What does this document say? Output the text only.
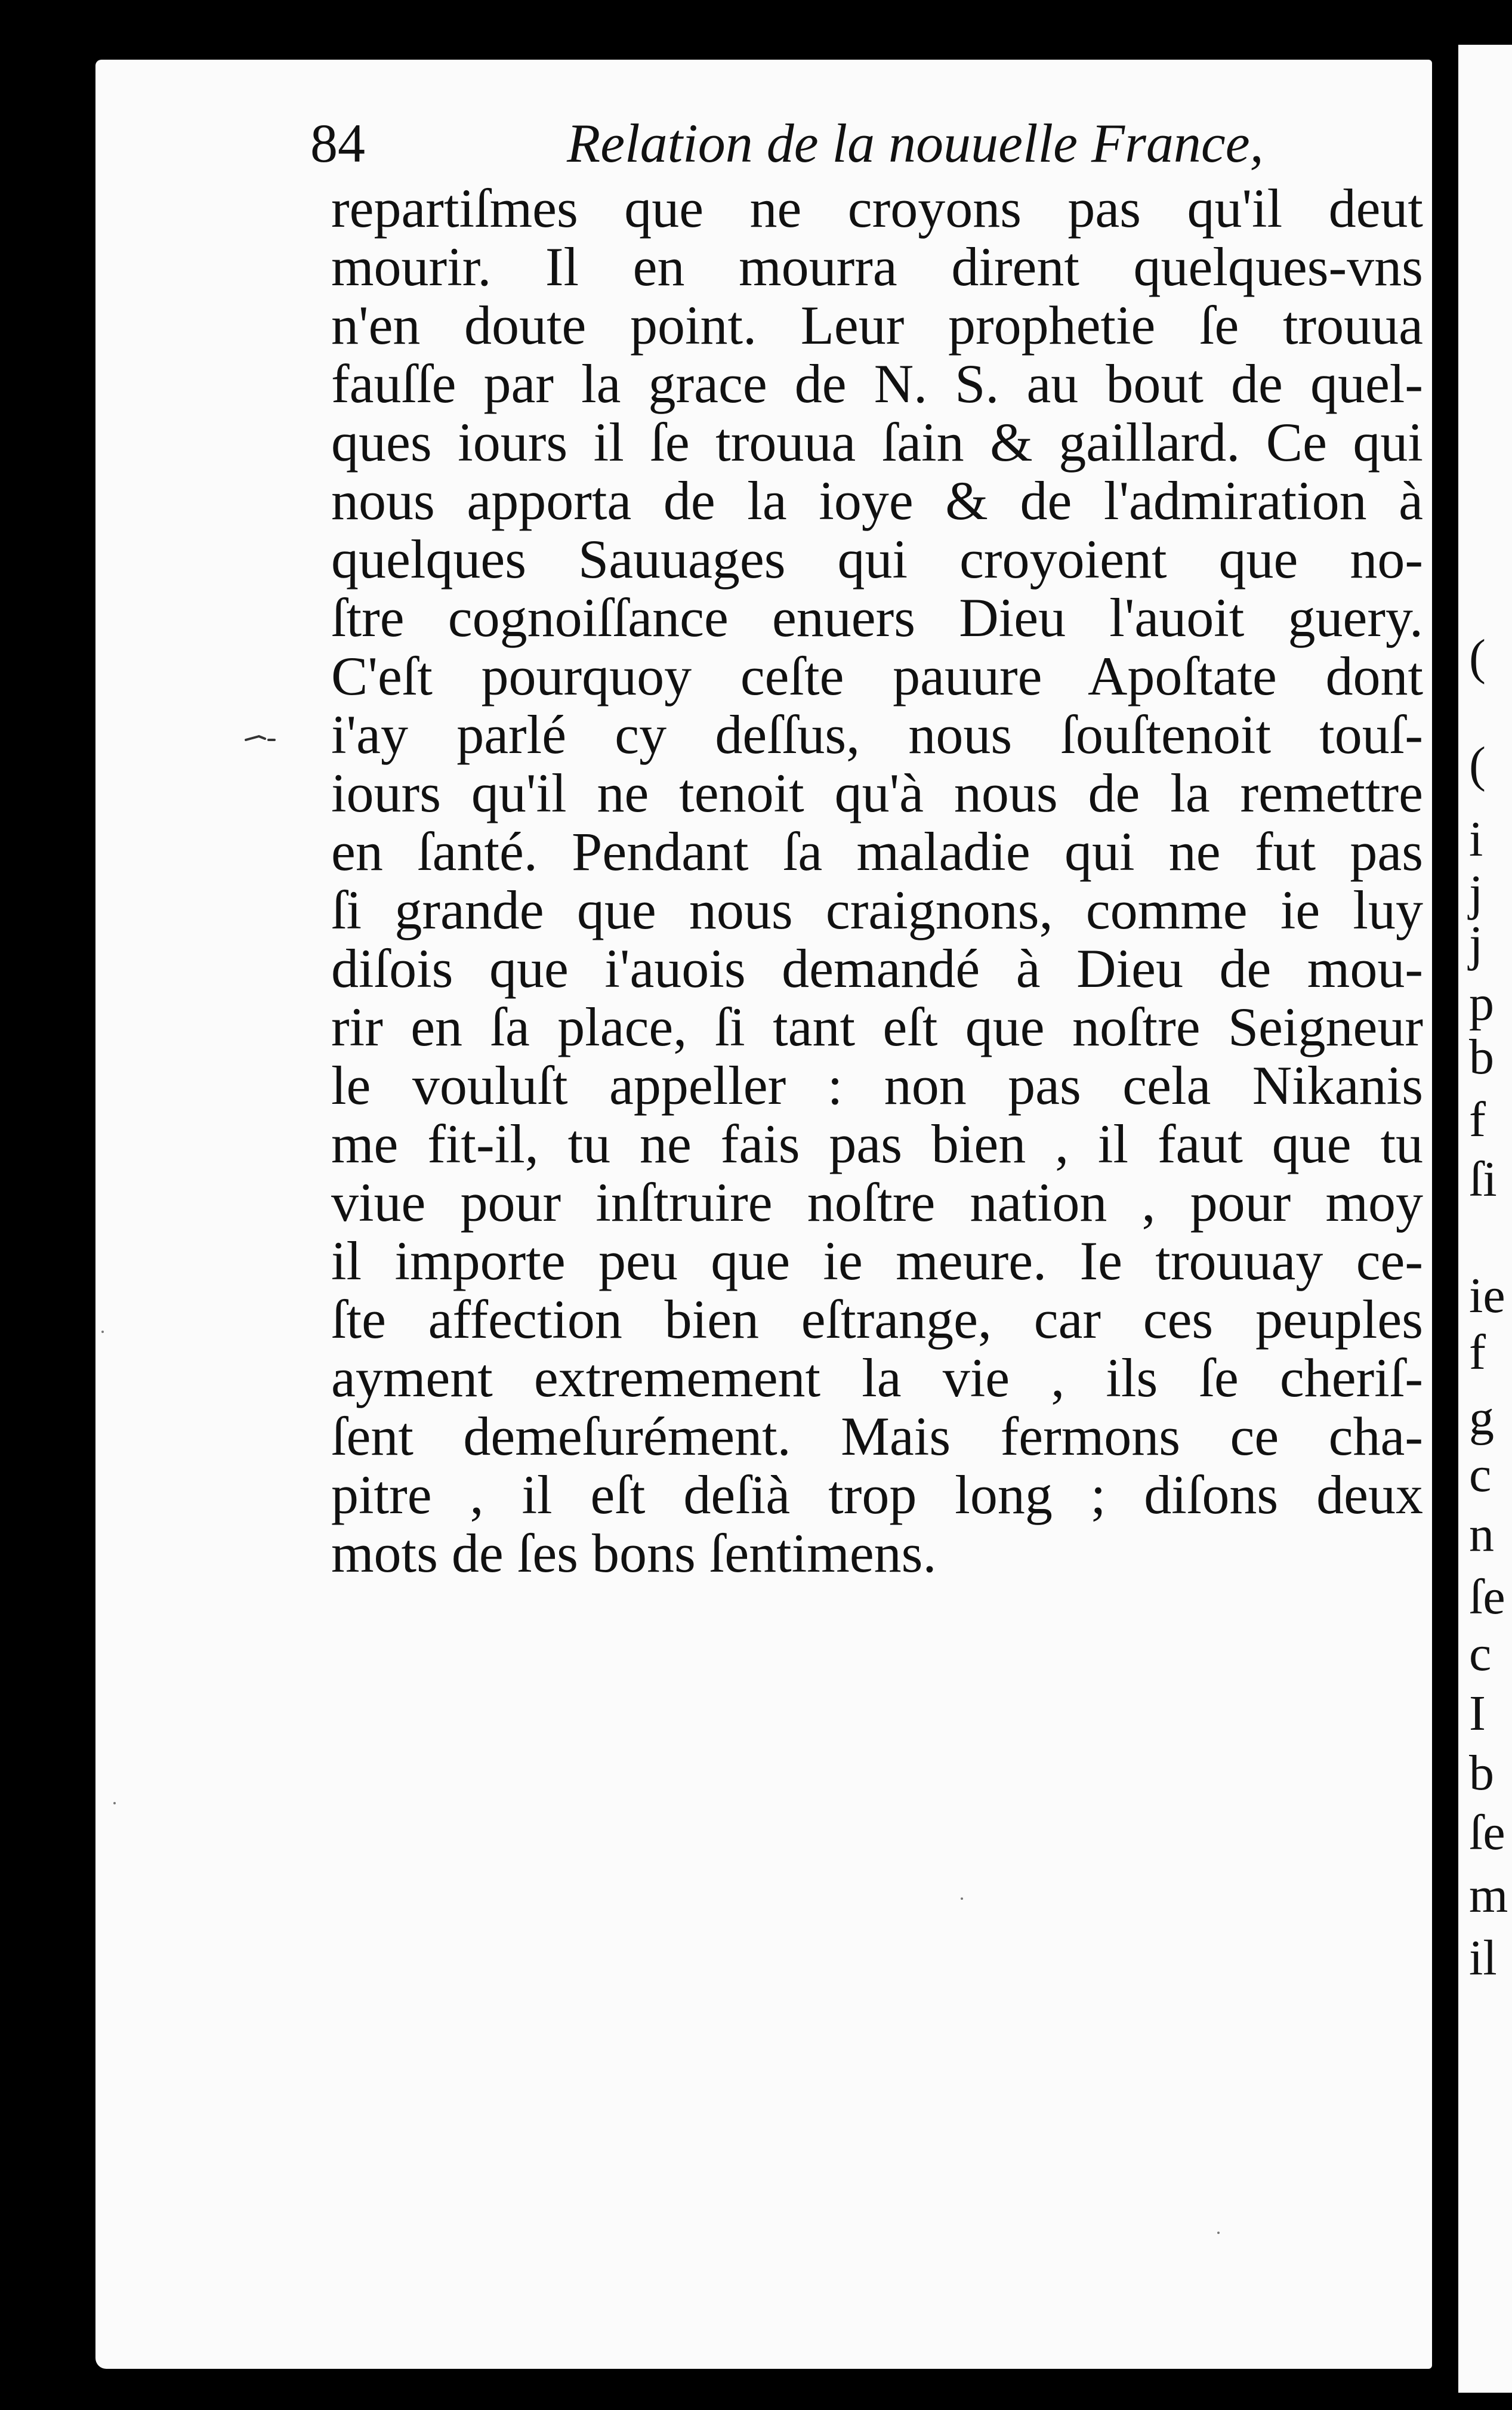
(
(
i
j
j
p
b
f
ſi
ie
f
g
c
n
ſe
c
I
b
ſe
m
il
84	Relation de la nouuelle France,
repartiſmes que ne croyons pas qu'il deut
mourir. Il en mourra dirent quelques-vns
n'en doute point. Leur prophetie ſe trouua
fauſſe par la grace de N. S. au bout de quel-
ques iours il ſe trouua ſain & gaillard. Ce qui
nous apporta de la ioye & de l'admiration à
quelques Sauuages qui croyoient que no-
ſtre cognoiſſance enuers Dieu l'auoit guery.
C'eſt pourquoy ceſte pauure Apoſtate dont
i'ay parlé cy deſſus, nous ſouſtenoit touſ-
iours qu'il ne tenoit qu'à nous de la remettre
en ſanté. Pendant ſa maladie qui ne fut pas
ſi grande que nous craignons, comme ie luy
diſois que i'auois demandé à Dieu de mou-
rir en ſa place, ſi tant eſt que noſtre Seigneur
le vouluſt appeller : non pas cela Nikanis
me fit-il, tu ne fais pas bien , il faut que tu
viue pour inſtruire noſtre nation , pour moy
il importe peu que ie meure. Ie trouuay ce-
ſte affection bien eſtrange, car ces peuples
ayment extremement la vie , ils ſe cheriſ-
ſent demeſurément. Mais fermons ce cha-
pitre , il eſt deſià trop long ; diſons deux
mots de ſes bons ſentimens.
